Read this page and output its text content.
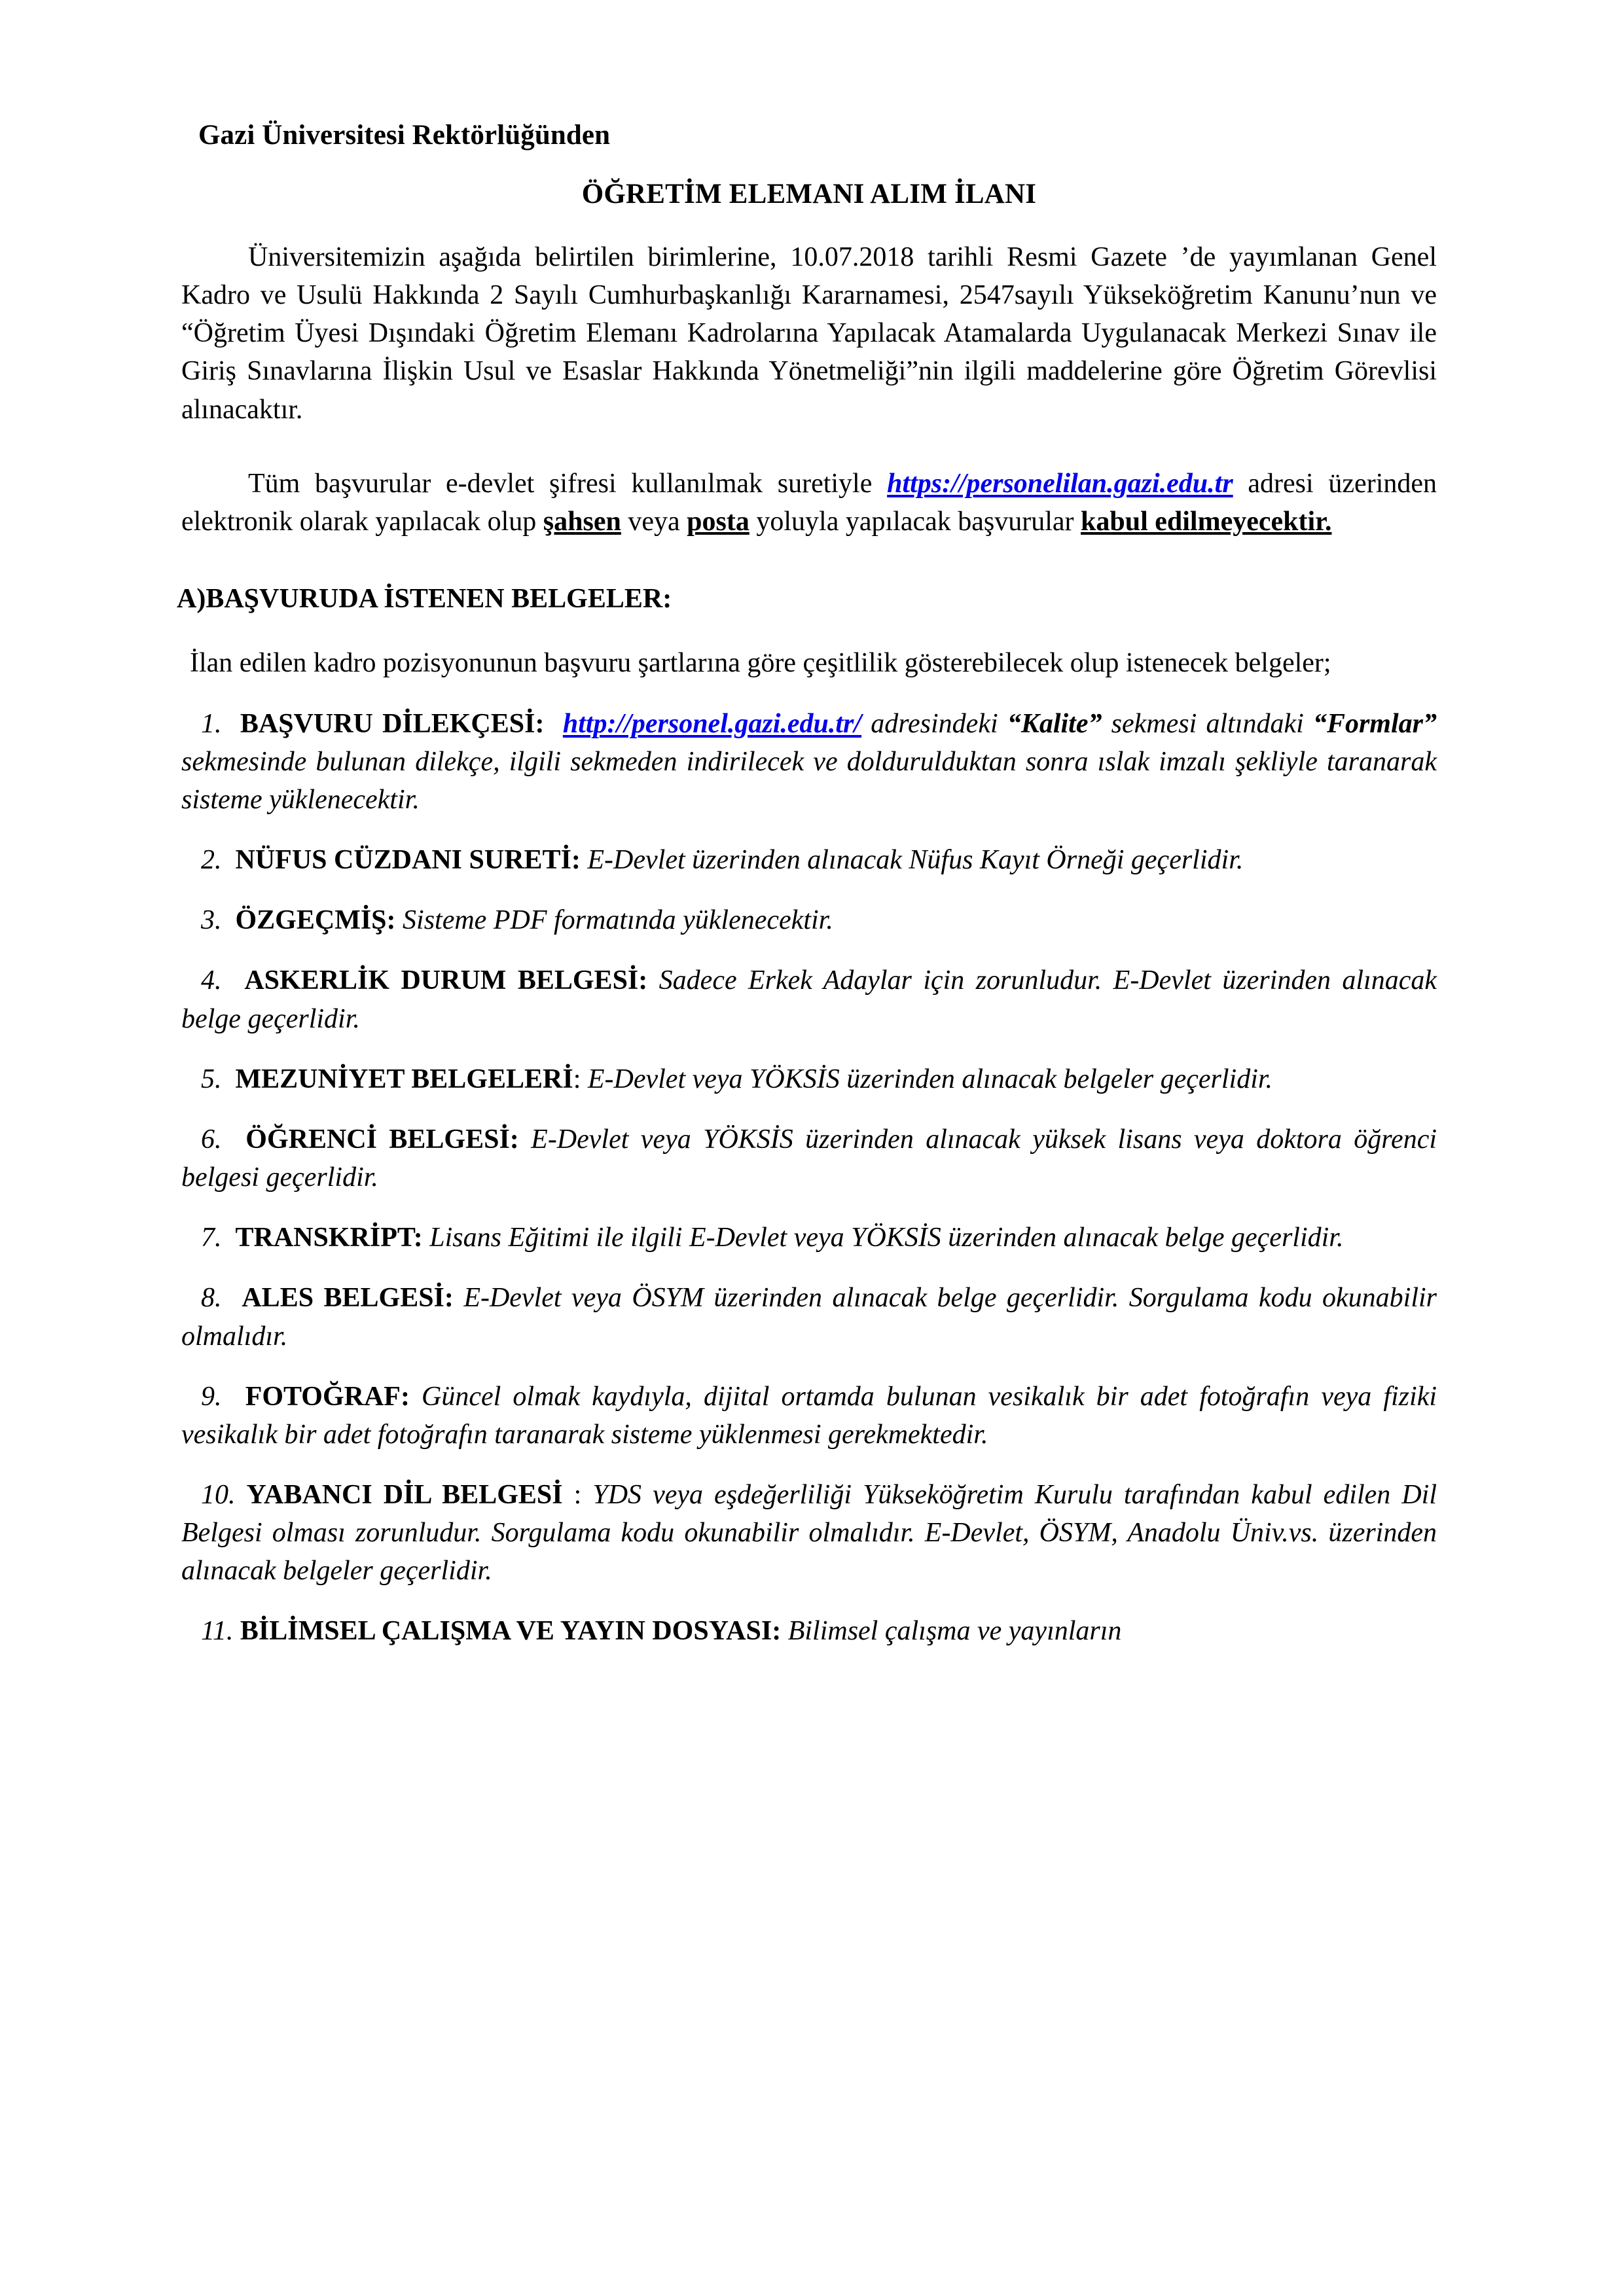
Gazi Üniversitesi Rektörlüğünden
ÖĞRETİM ELEMANI ALIM İLANI

Üniversitemizin aşağıda belirtilen birimlerine, 10.07.2018 tarihli Resmi Gazete ’de yayımlanan Genel Kadro ve Usulü Hakkında 2 Sayılı Cumhurbaşkanlığı Kararnamesi, 2547sayılı Yükseköğretim Kanunu’nun ve “Öğretim Üyesi Dışındaki Öğretim Elemanı Kadrolarına Yapılacak Atamalarda Uygulanacak Merkezi Sınav ile Giriş Sınavlarına İlişkin Usul ve Esaslar Hakkında Yönetmeliği”nin ilgili maddelerine göre Öğretim Görevlisi alınacaktır.

Tüm başvurular e-devlet şifresi kullanılmak suretiyle https://personelilan.gazi.edu.tr adresi üzerinden elektronik olarak yapılacak olup şahsen veya posta yoluyla yapılacak başvurular kabul edilmeyecektir.

A) BAŞVURUDA İSTENEN BELGELER:

İlan edilen kadro pozisyonunun başvuru şartlarına göre çeşitlilik gösterebilecek olup istenecek belgeler;

1. BAŞVURU DİLEKÇESİ: http://personel.gazi.edu.tr/ adresindeki “Kalite” sekmesi altındaki “Formlar” sekmesinde bulunan dilekçe, ilgili sekmeden indirilecek ve doldurulduktan sonra ıslak imzalı şekliyle taranarak sisteme yüklenecektir.
2. NÜFUS CÜZDANI SURETİ: E-Devlet üzerinden alınacak Nüfus Kayıt Örneği geçerlidir.
3. ÖZGEÇMİŞ: Sisteme PDF formatında yüklenecektir.
4. ASKERLİK DURUM BELGESİ: Sadece Erkek Adaylar için zorunludur. E-Devlet üzerinden alınacak belge geçerlidir.
5. MEZUNİYET BELGELERİ: E-Devlet veya YÖKSİS üzerinden alınacak belgeler geçerlidir.
6. ÖĞRENCİ BELGESİ: E-Devlet veya YÖKSİS üzerinden alınacak yüksek lisans veya doktora öğrenci belgesi geçerlidir.
7. TRANSKRİPT: Lisans Eğitimi ile ilgili E-Devlet veya YÖKSİS üzerinden alınacak belge geçerlidir.
8. ALES BELGESİ: E-Devlet veya ÖSYM üzerinden alınacak belge geçerlidir. Sorgulama kodu okunabilir olmalıdır.
9. FOTOĞRAF: Güncel olmak kaydıyla, dijital ortamda bulunan vesikalık bir adet fotoğrafın veya fiziki vesikalık bir adet fotoğrafın taranarak sisteme yüklenmesi gerekmektedir.
10. YABANCI DİL BELGESİ : YDS veya eşdeğerliliği Yükseköğretim Kurulu tarafından kabul edilen Dil Belgesi olması zorunludur. Sorgulama kodu okunabilir olmalıdır. E-Devlet, ÖSYM, Anadolu Üniv.vs. üzerinden alınacak belgeler geçerlidir.
11. BİLİMSEL ÇALIŞMA VE YAYIN DOSYASI: Bilimsel çalışma ve yayınların
